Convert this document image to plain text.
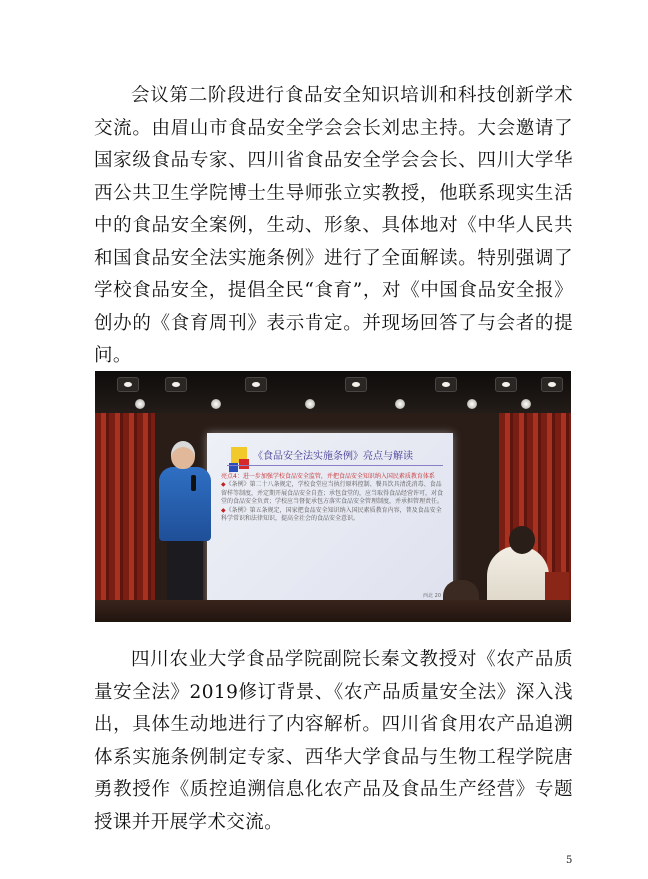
会议第二阶段进行食品安全知识培训和科技创新学术交流。由眉山市食品安全学会会长刘忠主持。大会邀请了国家级食品专家、四川省食品安全学会会长、四川大学华西公共卫生学院博士生导师张立实教授，他联系现实生活中的食品安全案例，生动、形象、具体地对《中华人民共和国食品安全法实施条例》进行了全面解读。特别强调了学校食品安全，提倡全民“食育”，对《中国食品安全报》创办的《食育周刊》表示肯定。并现场回答了与会者的提问。

《食品安全法实施条例》亮点与解读
亮点4：进一步加强学校食品安全监管，并把食品安全知识纳入国民素质教育体系
◆《条例》第二十八条规定，学校食堂应当执行原料控制、餐具饮具清洗消毒、食品留样等制度，并定期开展食品安全自查；承包食堂的，应当取得食品经营许可，对食堂的食品安全负责；学校应当督促承包方落实食品安全管理制度，并承担管理责任。
◆《条例》第五条规定，国家把食品安全知识纳入国民素质教育内容，普及食品安全科学常识和法律知识，提高全社会的食品安全意识。
西北 20

四川农业大学食品学院副院长秦文教授对《农产品质量安全法》2019修订背景、《农产品质量安全法》深入浅出，具体生动地进行了内容解析。四川省食用农产品追溯体系实施条例制定专家、西华大学食品与生物工程学院唐勇教授作《质控追溯信息化农产品及食品生产经营》专题授课并开展学术交流。

5
